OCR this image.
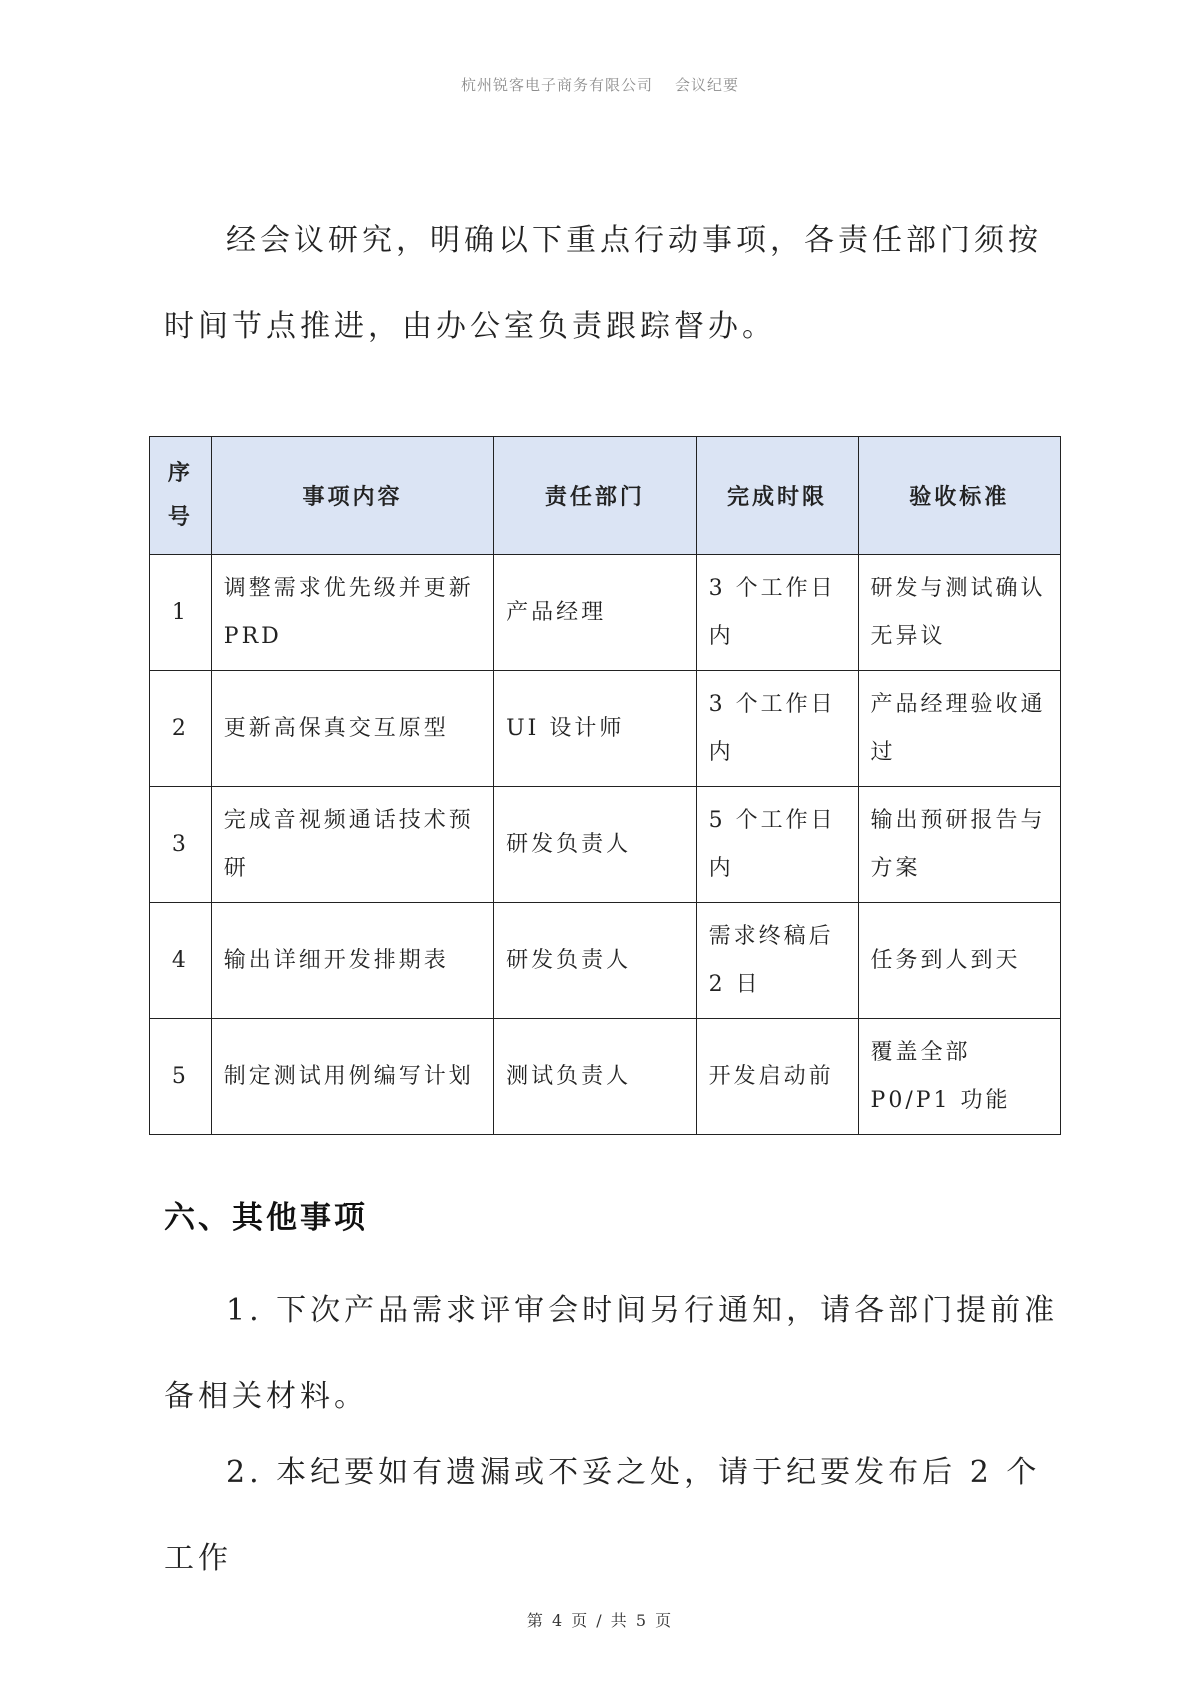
杭州锐客电子商务有限公司 会议纪要
经会议研究，明确以下重点行动事项，各责任部门须按时间节点推进，由办公室负责跟踪督办。
序号	事项内容	责任部门	完成时限	验收标准
1	调整需求优先级并更新 PRD	产品经理	3 个工作日内	研发与测试确认无异议
2	更新高保真交互原型	UI 设计师	3 个工作日内	产品经理验收通过
3	完成音视频通话技术预研	研发负责人	5 个工作日内	输出预研报告与方案
4	输出详细开发排期表	研发负责人	需求终稿后 2 日	任务到人到天
5	制定测试用例编写计划	测试负责人	开发启动前	覆盖全部 P0/P1 功能
六、其他事项
1. 下次产品需求评审会时间另行通知，请各部门提前准备相关材料。
2. 本纪要如有遗漏或不妥之处，请于纪要发布后 2 个工作
第 4 页 / 共 5 页
